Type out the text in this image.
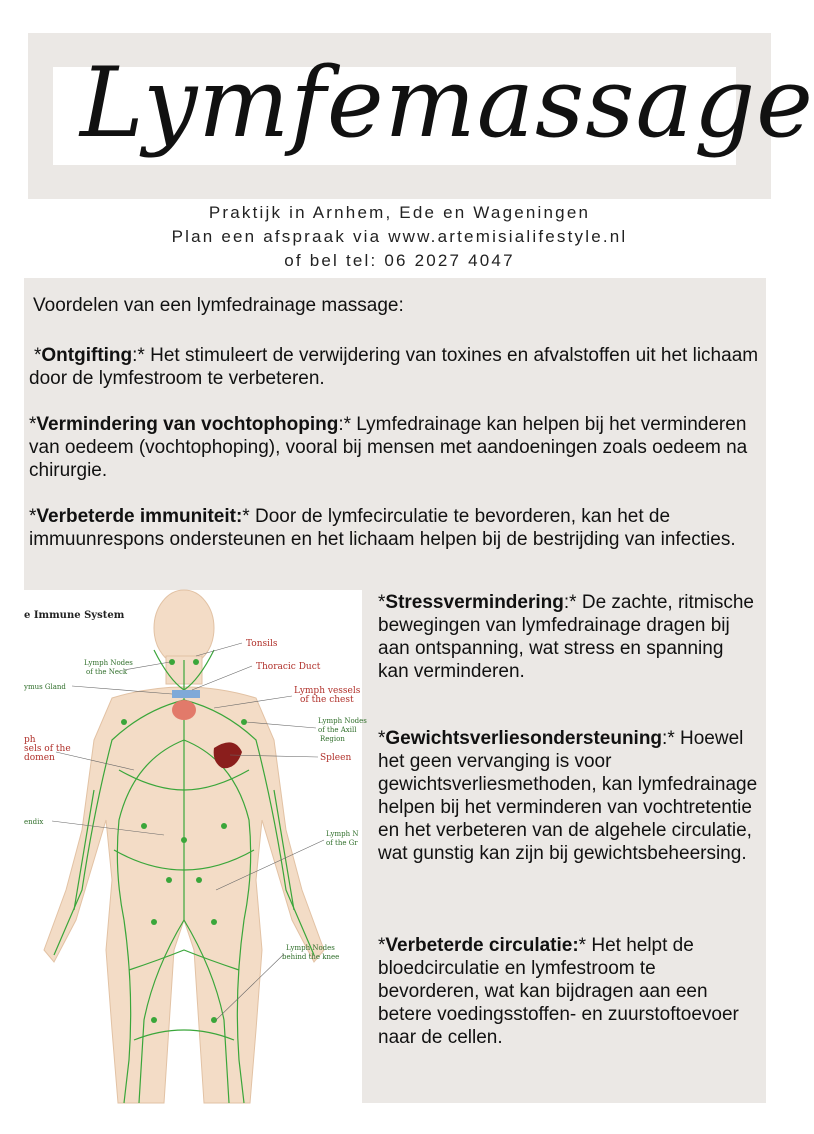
Lymfemassage
Praktijk in Arnhem, Ede en Wageningen
Plan een afspraak via www.artemisialifestyle.nl
of bel tel: 06 2027 4047
Voordelen van een lymfedrainage massage:
*Ontgifting:* Het stimuleert de verwijdering van toxines en afvalstoffen uit het lichaam door de lymfestroom te verbeteren.
*Vermindering van vochtophoping:* Lymfedrainage kan helpen bij het verminderen van oedeem (vochtophoping), vooral bij mensen met aandoeningen zoals oedeem na chirurgie.
*Verbeterde immuniteit:* Door de lymfecirculatie te bevorderen, kan het de immuunrespons ondersteunen en het lichaam helpen bij de bestrijding van infecties.
e Immune System
Tonsils
Lymph Nodes
of the Neck	Thoracic Duct
ymus Gland	Lymph vessels
of the chest
Lymph Nodes
of the Axill
Region
ph
sels of the
domen	Spleen
endix
Lymph N
of the Gr
Lymph Nodes
behind the knee
*Stressvermindering:* De zachte, ritmische bewegingen van lymfedrainage dragen bij aan ontspanning, wat stress en spanning kan verminderen.
*Gewichtsverliesondersteuning:* Hoewel het geen vervanging is voor gewichtsverliesmethoden, kan lymfedrainage helpen bij het verminderen van vochtretentie en het verbeteren van de algehele circulatie, wat gunstig kan zijn bij gewichtsbeheersing.
*Verbeterde circulatie:* Het helpt de bloedcirculatie en lymfestroom te bevorderen, wat kan bijdragen aan een betere voedingsstoffen- en zuurstoftoevoer naar de cellen.
